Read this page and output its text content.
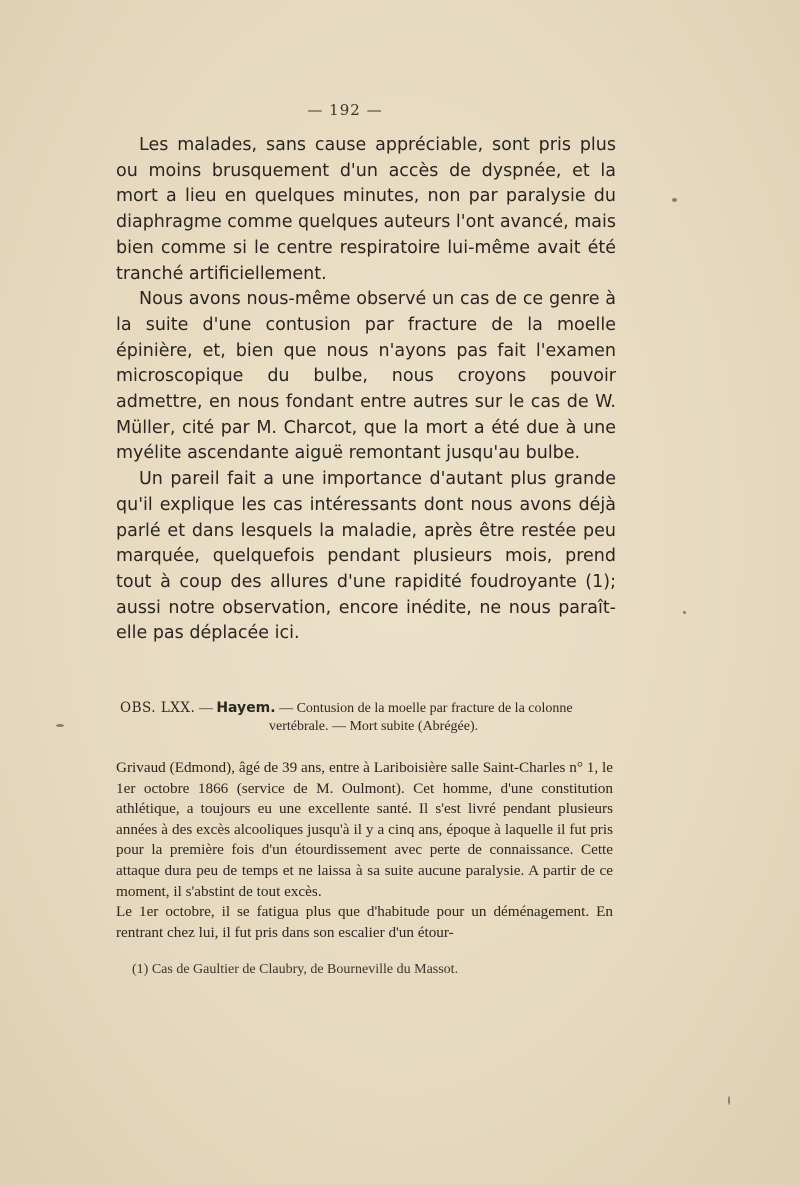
— 192 —

Les malades, sans cause appréciable, sont pris plus ou moins brusquement d'un accès de dyspnée, et la mort a lieu en quelques minutes, non par paralysie du diaphragme comme quelques auteurs l'ont avancé, mais bien comme si le centre respiratoire lui-même avait été tranché artificiellement.

Nous avons nous-même observé un cas de ce genre à la suite d'une contusion par fracture de la moelle épinière, et, bien que nous n'ayons pas fait l'examen microscopique du bulbe, nous croyons pouvoir admettre, en nous fondant entre autres sur le cas de W. Müller, cité par M. Charcot, que la mort a été due à une myélite ascendante aiguë remontant jusqu'au bulbe.

Un pareil fait a une importance d'autant plus grande qu'il explique les cas intéressants dont nous avons déjà parlé et dans lesquels la maladie, après être restée peu marquée, quelquefois pendant plusieurs mois, prend tout à coup des allures d'une rapidité foudroyante (1); aussi notre observation, encore inédite, ne nous paraît-elle pas déplacée ici.

OBS. LXX. — Hayem. — Contusion de la moelle par fracture de la colonne
vertébrale. — Mort subite (Abrégée).

Grivaud (Edmond), âgé de 39 ans, entre à Lariboisière salle Saint-Charles n° 1, le 1er octobre 1866 (service de M. Oulmont). Cet homme, d'une constitution athlétique, a toujours eu une excellente santé. Il s'est livré pendant plusieurs années à des excès alcooliques jusqu'à il y a cinq ans, époque à laquelle il fut pris pour la première fois d'un étourdissement avec perte de connaissance. Cette attaque dura peu de temps et ne laissa à sa suite aucune paralysie. A partir de ce moment, il s'abstint de tout excès.

Le 1er octobre, il se fatigua plus que d'habitude pour un déménagement. En rentrant chez lui, il fut pris dans son escalier d'un étour-

(1) Cas de Gaultier de Claubry, de Bourneville du Massot.
